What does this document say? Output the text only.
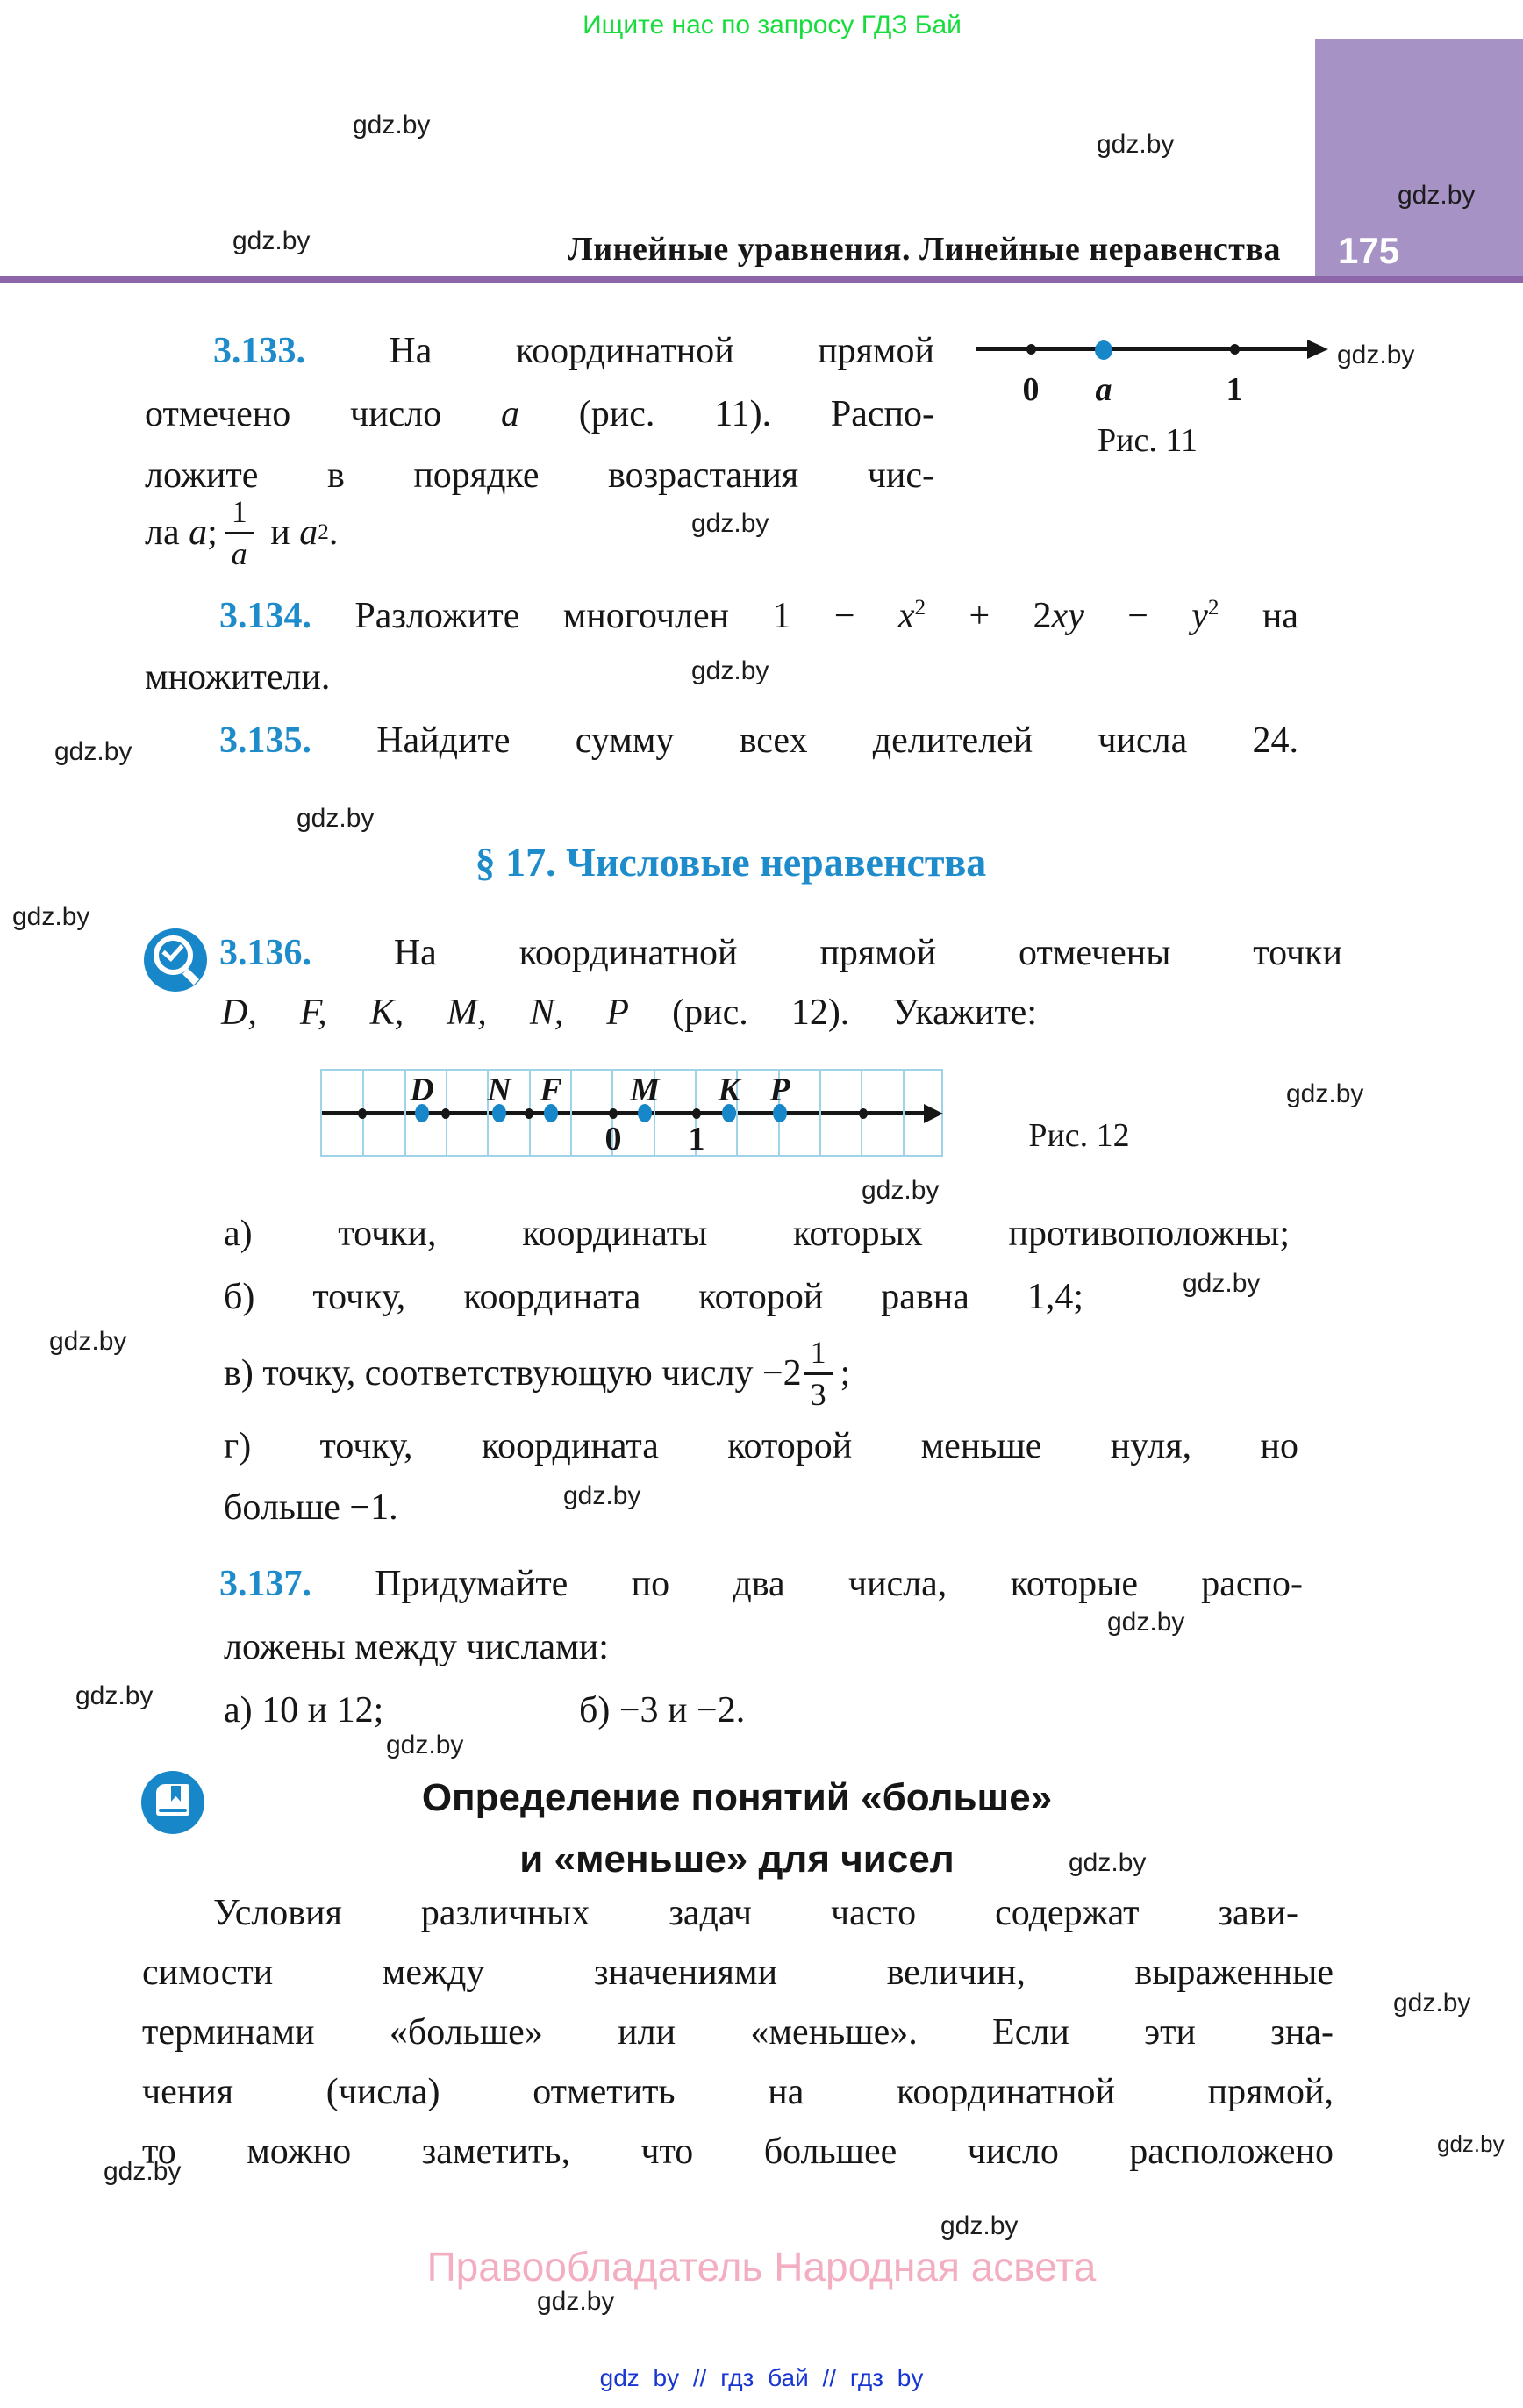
Ищите нас по запросу ГДЗ Бай
175
Линейные уравнения. Линейные неравенства
3.133. На координатной прямой
отмечено число a (рис. 11). Распо-
ложите в порядке возрастания чис-
ла a ; $\frac{1}{a}$ и a 2 .
Рис. 11
0 a	1
3.134. Разложите многочлен $1 - x^2 + 2xy - y^2$ на
множители.
3.135. Найдите сумму всех делителей числа 24.
§ 17. Числовые неравенства
3.136. На координатной прямой отмечены точки
D, F, K, M, N, P (рис. 12). Укажите:
D N F M K P
0 1	Рис. 12
а) точки, координаты которых противоположны;
б) точку, координата которой равна 1,4;
в) точку, соответствующую числу $-2 \frac{1}{3}$ ;
г) точку, координата которой меньше нуля, но
больше −1.
3.137. Придумайте по два числа, которые распо-
ложены между числами:
а) 10 и 12;	б) −3 и −2.
Определение понятий «больше»
и «меньше» для чисел
Условия различных задач часто содержат зави-
симости между значениями величин, выраженные
терминами «больше» или «меньше». Если эти зна-
чения (числа) отметить на координатной прямой,
то можно заметить, что большее число расположено
Правообладатель Народная асвета
gdz by // гдз бай // гдз by
gdz.by
gdz.by
gdz.by
gdz.by
gdz.by
gdz.by
gdz.by
gdz.by
gdz.by
gdz.by
gdz.by
gdz.by
gdz.by
gdz.by
gdz.by
gdz.by
gdz.by
gdz.by
gdz.by
gdz.by
gdz.by
gdz.by
gdz.by
gdz.by
